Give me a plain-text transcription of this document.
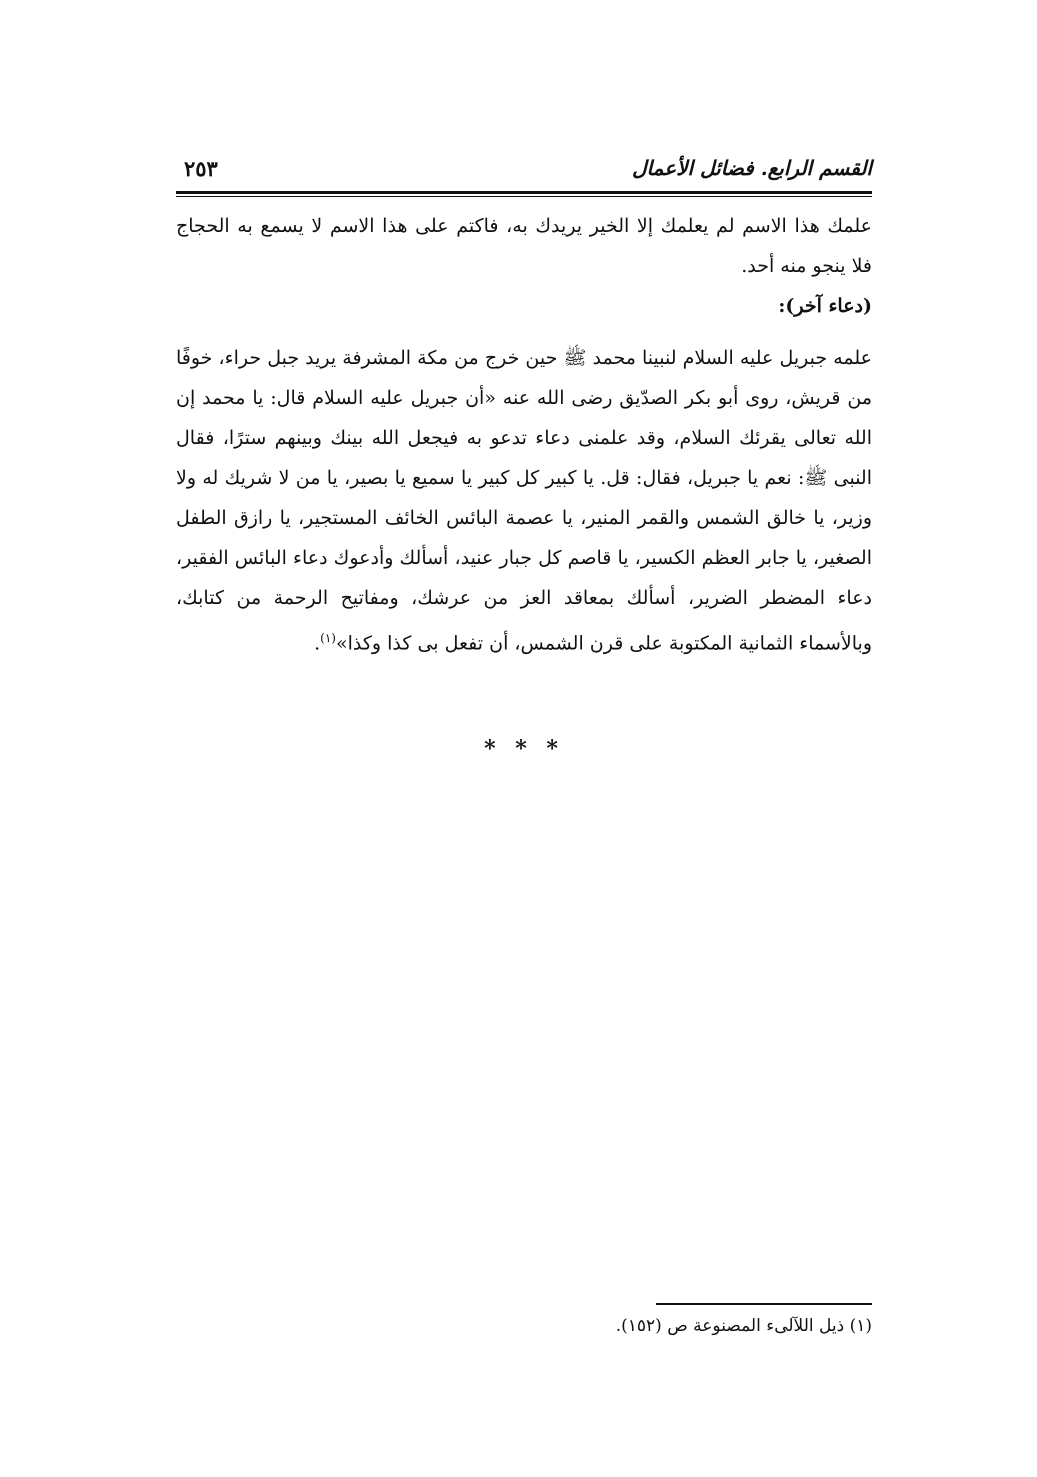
القسم الرابع. فضائل الأعمال
٢٥٣

علمك هذا الاسم لم يعلمك إلا الخير يريدك به، فاكتم على هذا الاسم لا يسمع به الحجاج فلا ينجو منه أحد.

(دعاء آخر):

علمه جبريل عليه السلام لنبينا محمد ﷺ حين خرج من مكة المشرفة يريد جبل حراء، خوفًا من قريش، روى أبو بكر الصدّيق رضى الله عنه «أن جبريل عليه السلام قال: يا محمد إن الله تعالى يقرئك السلام، وقد علمنى دعاء تدعو به فيجعل الله بينك وبينهم سترًا، فقال النبى ﷺ: نعم يا جبريل، فقال: قل. يا كبير كل كبير يا سميع يا بصير، يا من لا شريك له ولا وزير، يا خالق الشمس والقمر المنير، يا عصمة البائس الخائف المستجير، يا رازق الطفل الصغير، يا جابر العظم الكسير، يا قاصم كل جبار عنيد، أسألك وأدعوك دعاء البائس الفقير، دعاء المضطر الضرير، أسألك بمعاقد العز من عرشك، ومفاتيح الرحمة من كتابك، وبالأسماء الثمانية المكتوبة على قرن الشمس، أن تفعل بى كذا وكذا»$^{(١)}$.

* * *
(١) ذيل اللآلىء المصنوعة ص (١٥٢).
